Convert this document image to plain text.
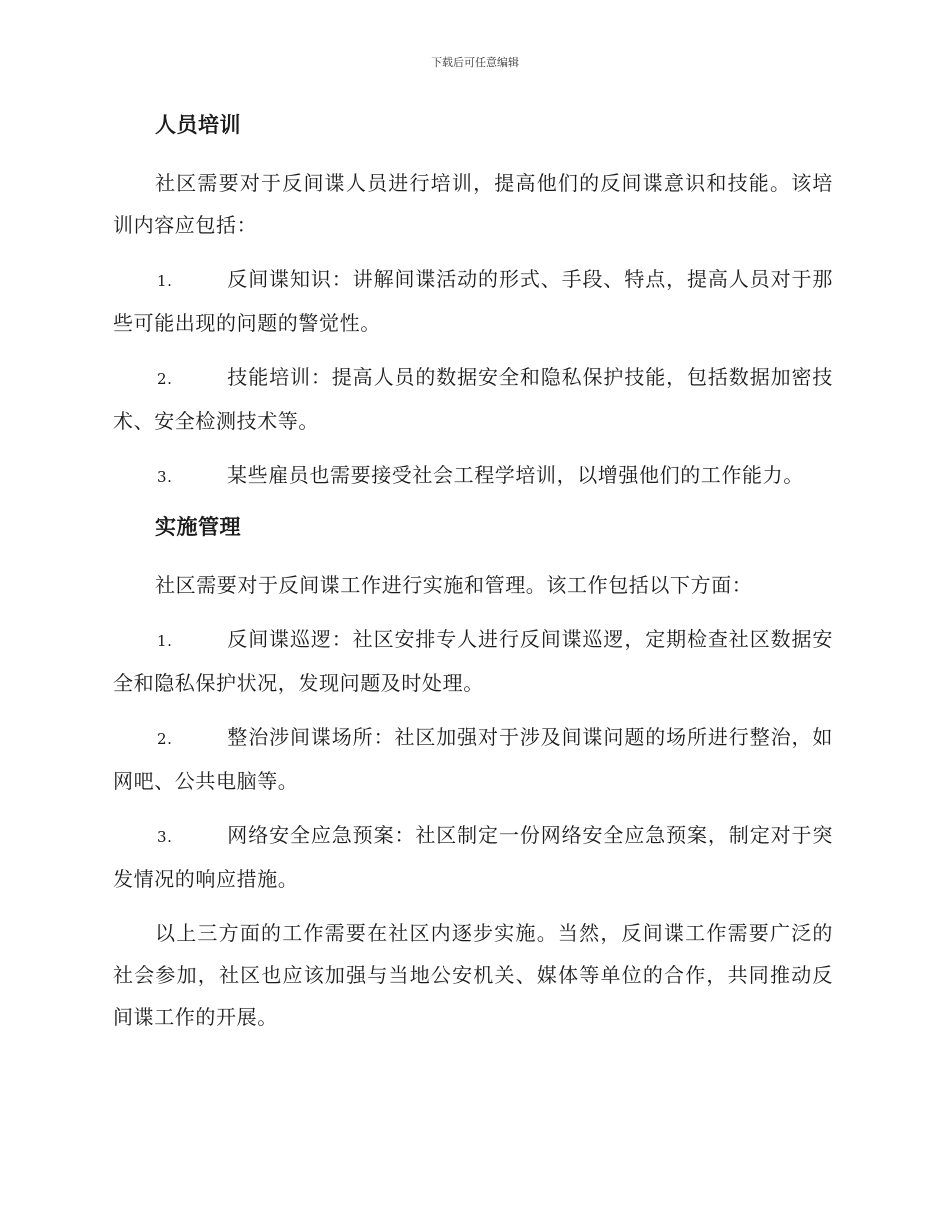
下载后可任意编辑
人员培训

社区需要对于反间谍人员进行培训，提高他们的反间谍意识和技能。该培训内容应包括：

1.	反间谍知识：讲解间谍活动的形式、手段、特点，提高人员对于那些可能出现的问题的警觉性。

2.	技能培训：提高人员的数据安全和隐私保护技能，包括数据加密技术、安全检测技术等。

3.	某些雇员也需要接受社会工程学培训，以增强他们的工作能力。

实施管理

社区需要对于反间谍工作进行实施和管理。该工作包括以下方面：

1.	反间谍巡逻：社区安排专人进行反间谍巡逻，定期检查社区数据安全和隐私保护状况，发现问题及时处理。

2.	整治涉间谍场所：社区加强对于涉及间谍问题的场所进行整治，如网吧、公共电脑等。

3.	网络安全应急预案：社区制定一份网络安全应急预案，制定对于突发情况的响应措施。

以上三方面的工作需要在社区内逐步实施。当然，反间谍工作需要广泛的社会参加，社区也应该加强与当地公安机关、媒体等单位的合作，共同推动反间谍工作的开展。
